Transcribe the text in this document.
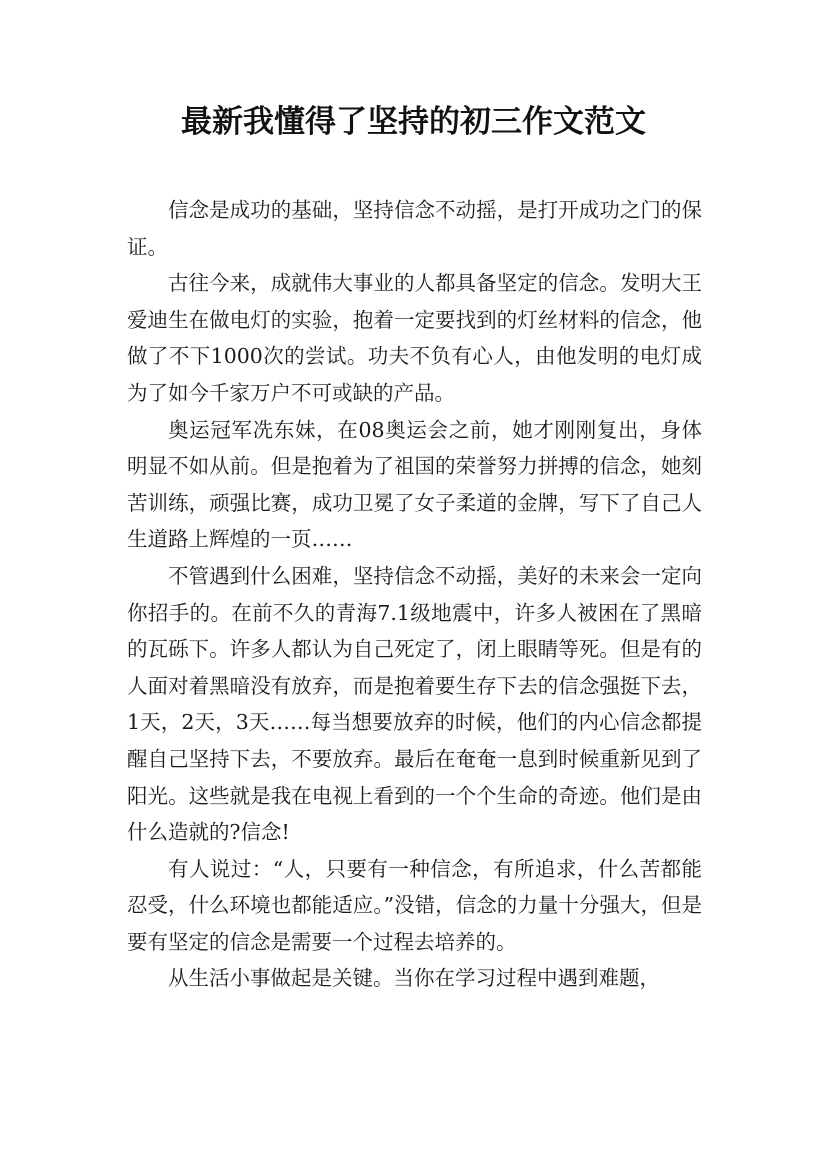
最新我懂得了坚持的初三作文范文

信念是成功的基础，坚持信念不动摇，是打开成功之门的保证。

古往今来，成就伟大事业的人都具备坚定的信念。发明大王爱迪生在做电灯的实验，抱着一定要找到的灯丝材料的信念，他做了不下1000次的尝试。功夫不负有心人，由他发明的电灯成为了如今千家万户不可或缺的产品。

奥运冠军冼东妹，在08奥运会之前，她才刚刚复出，身体明显不如从前。但是抱着为了祖国的荣誉努力拼搏的信念，她刻苦训练，顽强比赛，成功卫冕了女子柔道的金牌，写下了自己人生道路上辉煌的一页……

不管遇到什么困难，坚持信念不动摇，美好的未来会一定向你招手的。在前不久的青海7.1级地震中，许多人被困在了黑暗的瓦砾下。许多人都认为自己死定了，闭上眼睛等死。但是有的人面对着黑暗没有放弃，而是抱着要生存下去的信念强挺下去，1天，2天，3天……每当想要放弃的时候，他们的内心信念都提醒自己坚持下去，不要放弃。最后在奄奄一息到时候重新见到了阳光。这些就是我在电视上看到的一个个生命的奇迹。他们是由什么造就的?信念!

有人说过：“人，只要有一种信念，有所追求，什么苦都能忍受，什么环境也都能适应。”没错，信念的力量十分强大，但是要有坚定的信念是需要一个过程去培养的。

从生活小事做起是关键。当你在学习过程中遇到难题，
